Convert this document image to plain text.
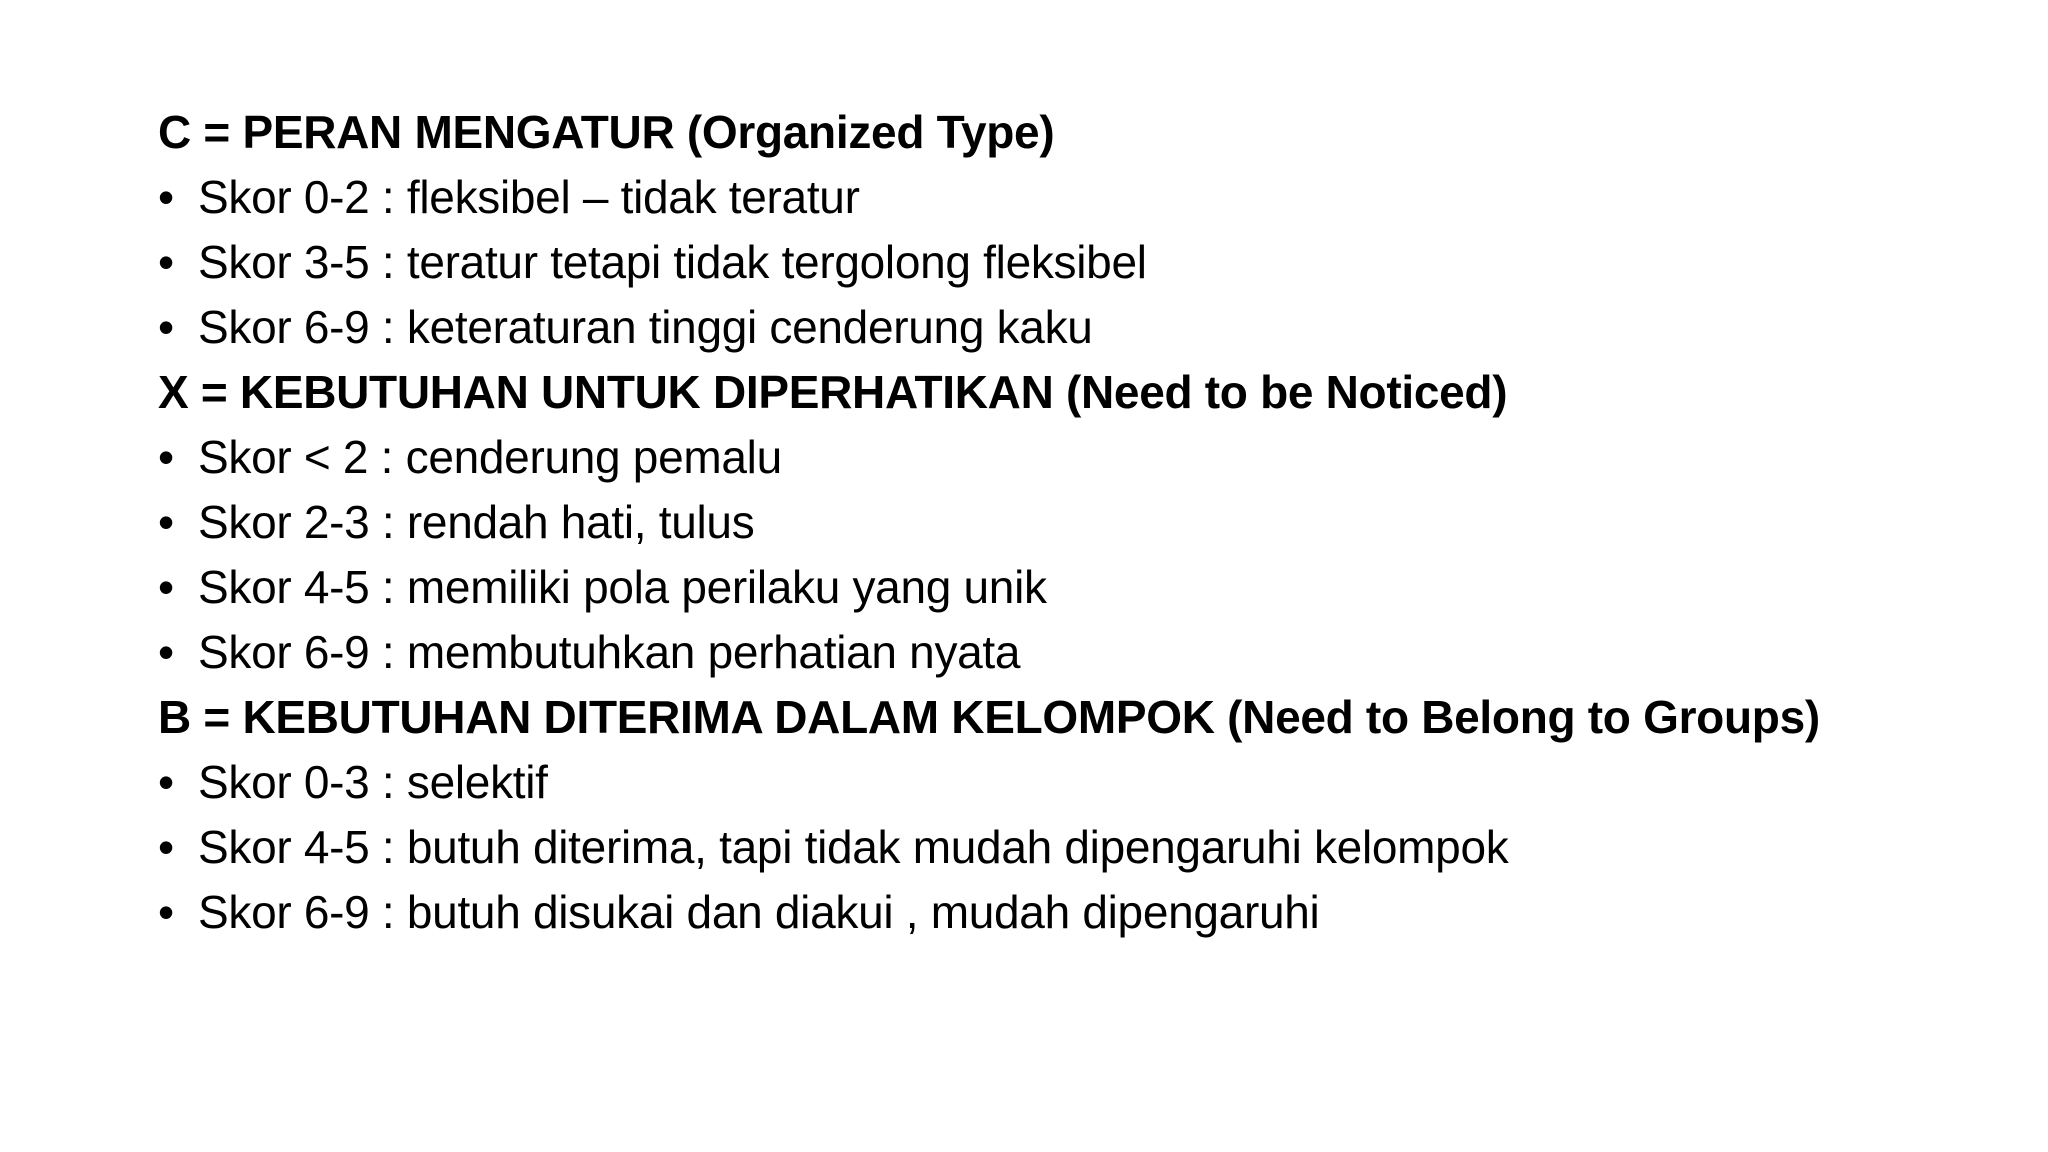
C = PERAN MENGATUR (Organized Type)
• Skor 0-2 : fleksibel – tidak teratur
• Skor 3-5 : teratur tetapi tidak tergolong fleksibel
• Skor 6-9 : keteraturan tinggi cenderung kaku
X = KEBUTUHAN UNTUK DIPERHATIKAN (Need to be Noticed)
• Skor < 2 : cenderung pemalu
• Skor 2-3 : rendah hati, tulus
• Skor 4-5 : memiliki pola perilaku yang unik
• Skor 6-9 : membutuhkan perhatian nyata
B = KEBUTUHAN DITERIMA DALAM KELOMPOK (Need to Belong to Groups)
• Skor 0-3 : selektif
• Skor 4-5 : butuh diterima, tapi tidak mudah dipengaruhi kelompok
• Skor 6-9 : butuh disukai dan diakui , mudah dipengaruhi
